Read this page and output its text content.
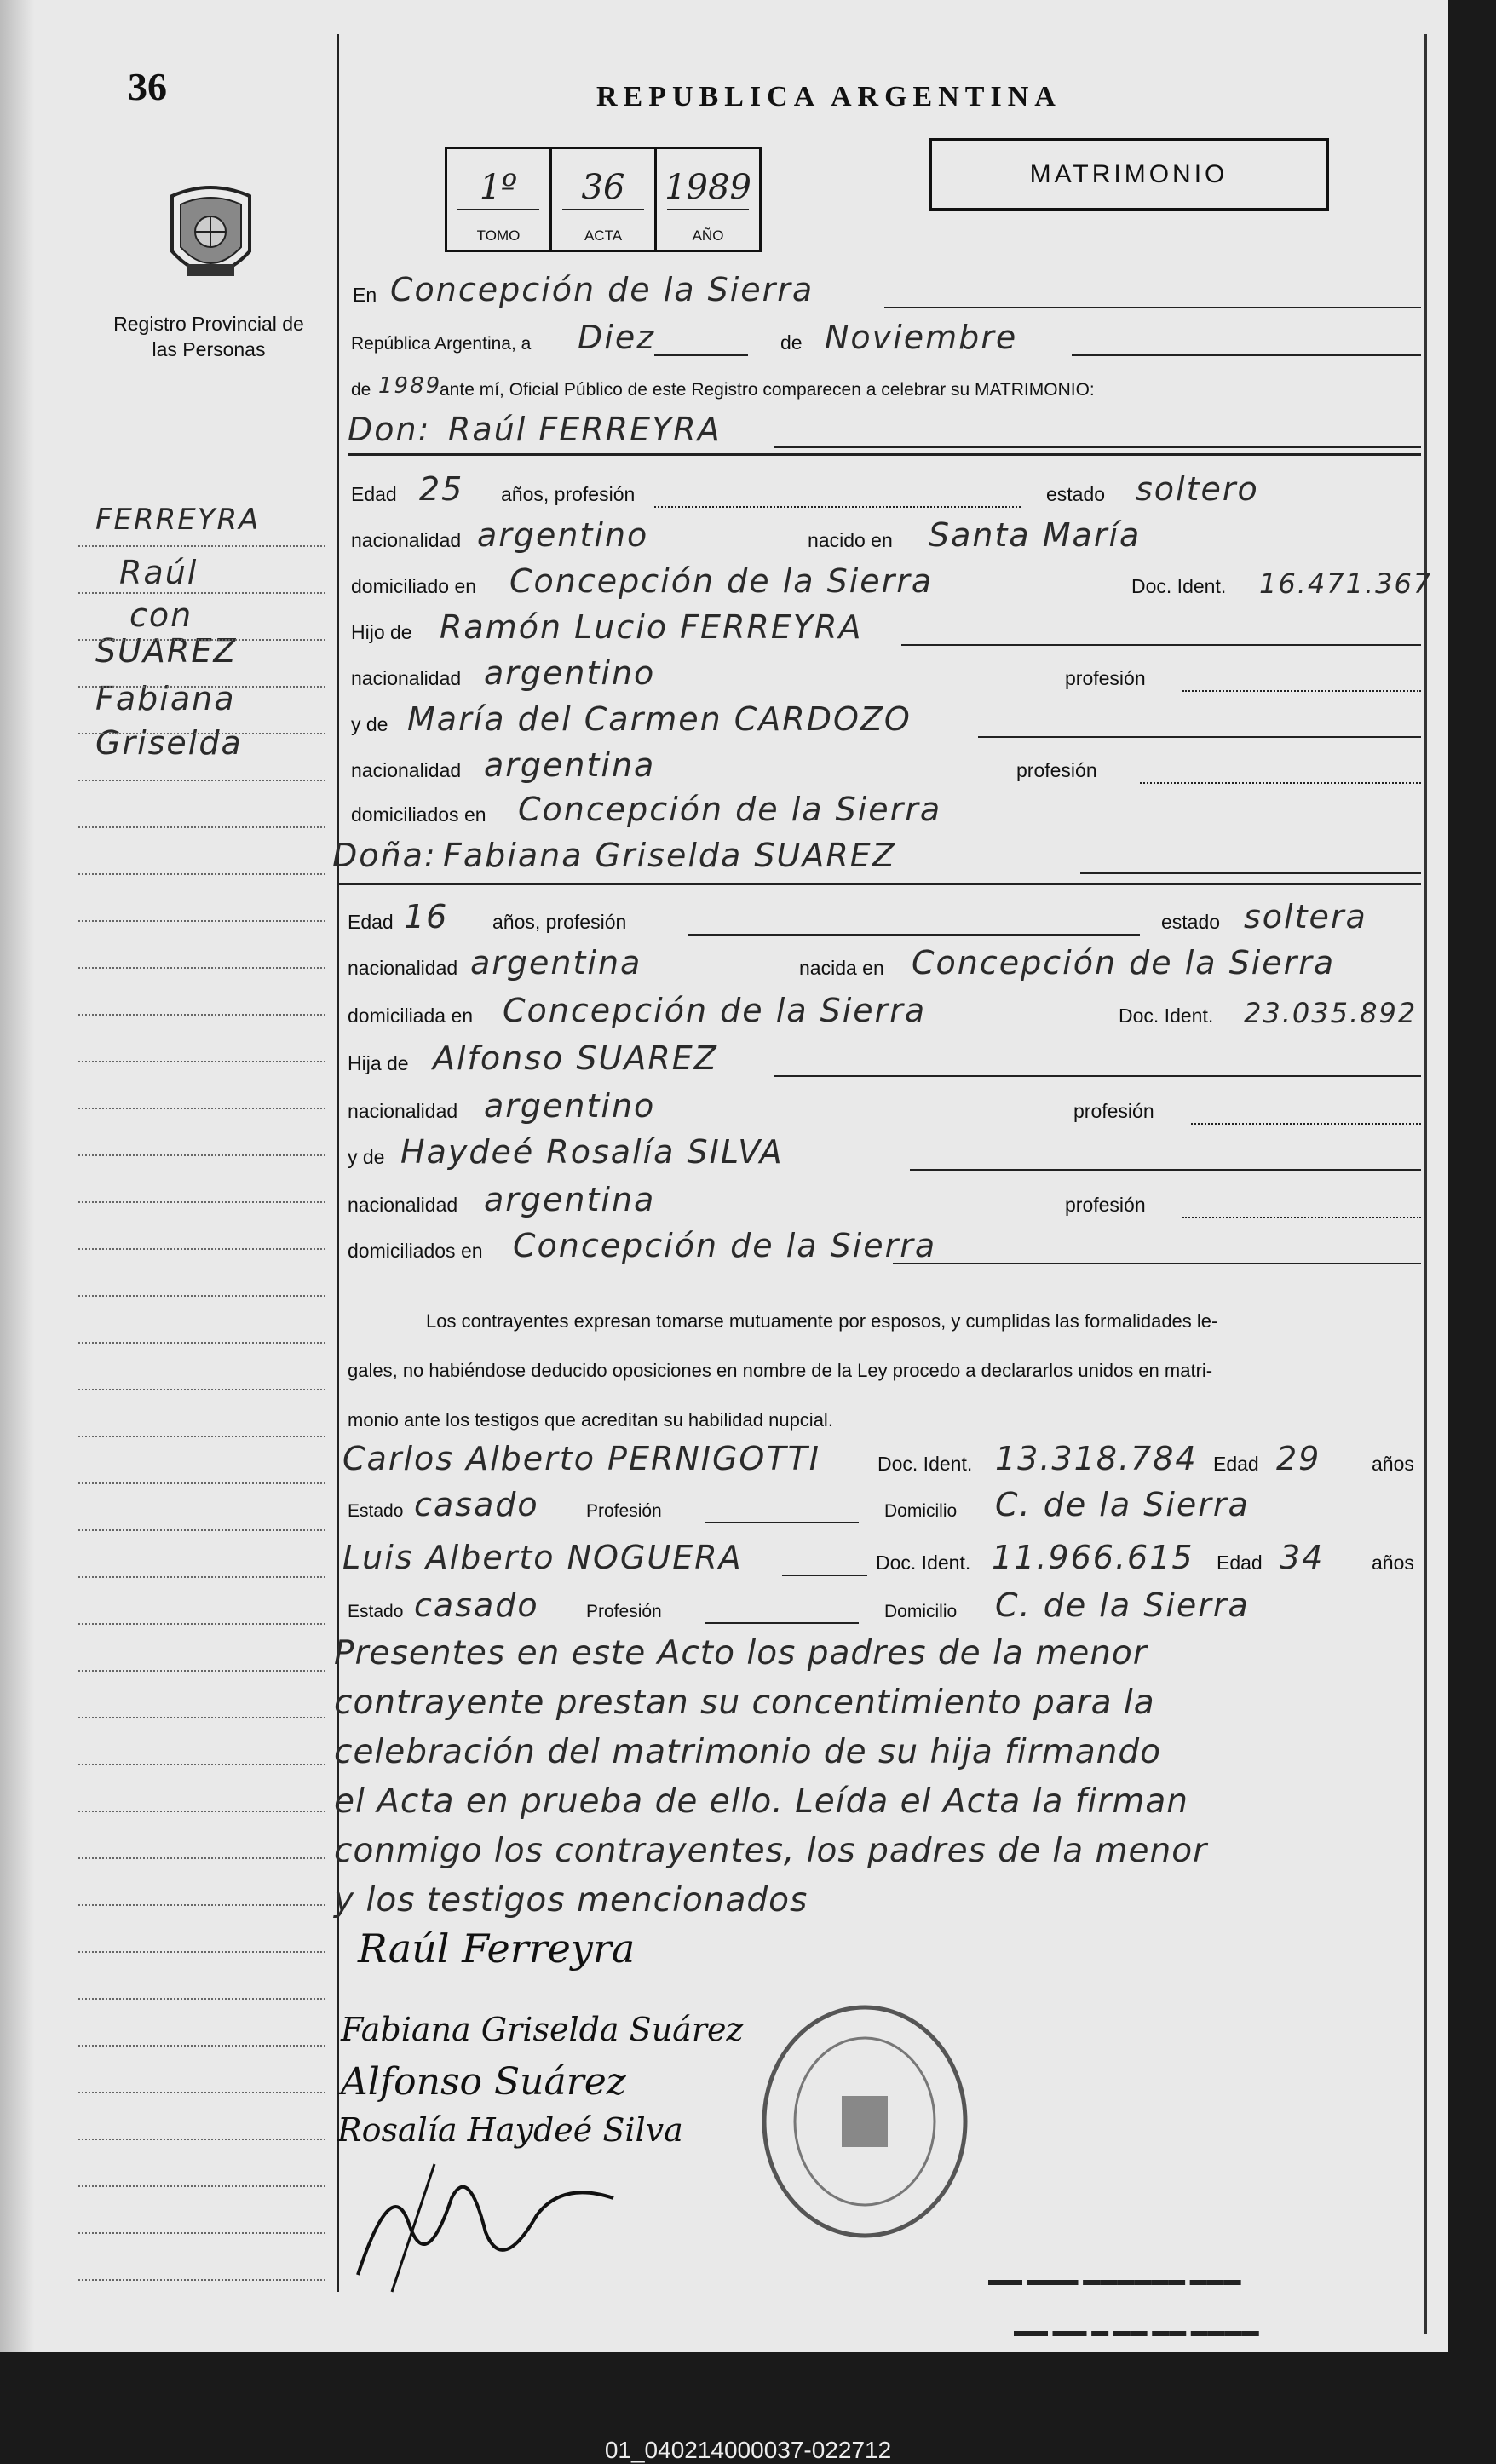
36
Registro Provincial de las Personas
REPUBLICA ARGENTINA
MATRIMONIO
1º
TOMO
36
ACTA
1989
AÑO
En Concepción de la Sierra
República Argentina, a Diez	de Noviembre
de 1989
ante mí, Oficial Público de este Registro comparecen a celebrar su MATRIMONIO:
Don: Raúl FERREYRA
Edad 25 años, profesión	estado soltero
nacionalidad argentino	nacido en Santa María
domiciliado en Concepción de la Sierra	Doc. Ident. 16.471.367
Hijo de Ramón Lucio FERREYRA
nacionalidad argentino	profesión
y de María del Carmen CARDOZO
nacionalidad argentina	profesión
domiciliados en Concepción de la Sierra
Doña: Fabiana Griselda SUAREZ
Edad 16 años, profesión	estado soltera
nacionalidad argentina	nacida en Concepción de la Sierra
domiciliada en Concepción de la Sierra	Doc. Ident. 23.035.892
Hija de Alfonso SUAREZ
nacionalidad argentino	profesión
y de Haydeé Rosalía SILVA
nacionalidad argentina	profesión
domiciliados en Concepción de la Sierra
Los contrayentes expresan tomarse mutuamente por esposos, y cumplidas las formalidades le-
gales, no habiéndose deducido oposiciones en nombre de la Ley procedo a declararlos unidos en matri-
monio ante los testigos que acreditan su habilidad nupcial.
Carlos Alberto PERNIGOTTI	Doc. Ident. 13.318.784 Edad 29	años
Estado casado	Profesión	Domicilio C. de la Sierra
Luis Alberto NOGUERA	Doc. Ident. 11.966.615 Edad 34 años
Estado casado	Profesión	Domicilio C. de la Sierra
Presentes en este Acto los padres de la menor
contrayente prestan su concentimiento para la
celebración del matrimonio de su hija firmando
el Acta en prueba de ello. Leída el Acta la firman
conmigo los contrayentes, los padres de la menor
y los testigos mencionados
FERREYRA
Raúl
con
SUAREZ
Fabiana
Griselda
Raúl Ferreyra
Fabiana Griselda Suárez
Alfonso Suárez
Rosalía Haydeé Silva
▬▬ ▬▬▬ ▬▬▬▬▬▬ ▬▬▬
▬▬ ▬▬ ▬ ▬▬ ▬▬ ▬▬▬▬
01_040214000037-022712
